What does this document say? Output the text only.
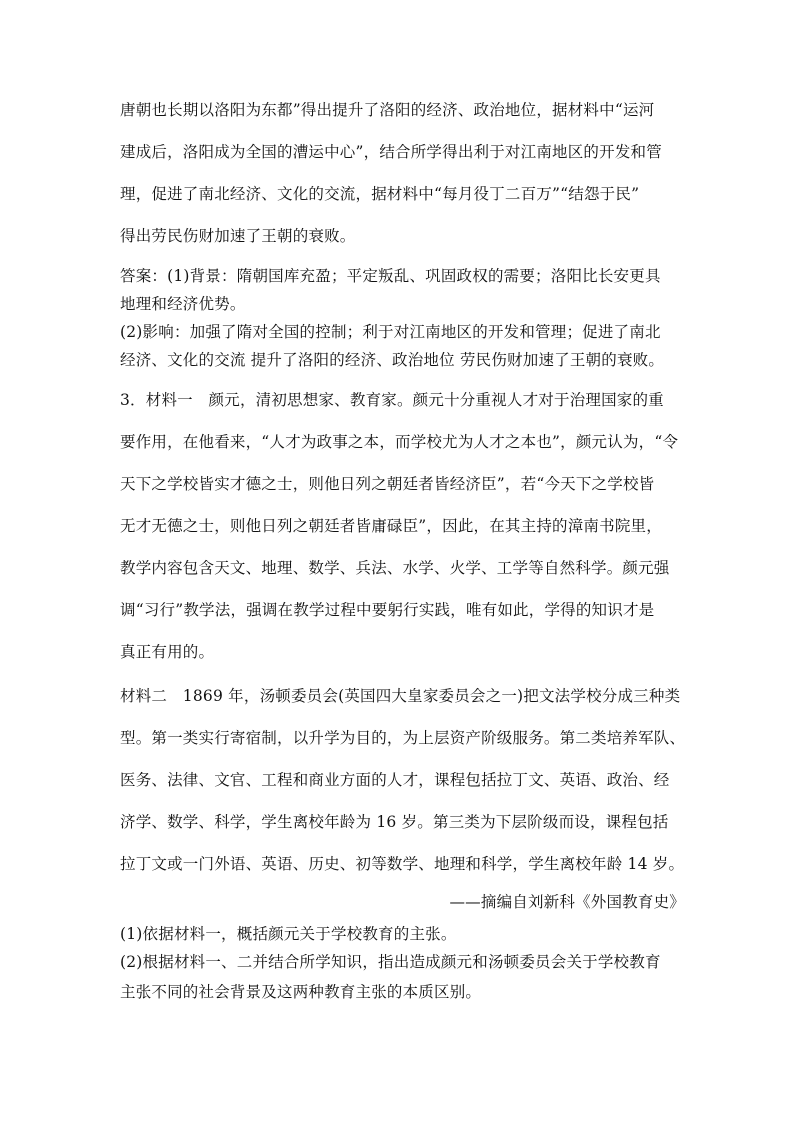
唐朝也长期以洛阳为东都”得出提升了洛阳的经济、政治地位，据材料中“运河
建成后，洛阳成为全国的漕运中心”，结合所学得出利于对江南地区的开发和管
理，促进了南北经济、文化的交流，据材料中“每月役丁二百万”“结怨于民”
得出劳民伤财加速了王朝的衰败。
答案：(1)背景：隋朝国库充盈；平定叛乱、巩固政权的需要；洛阳比长安更具
地理和经济优势。
(2)影响：加强了隋对全国的控制；利于对江南地区的开发和管理；促进了南北
经济、文化的交流 提升了洛阳的经济、政治地位 劳民伤财加速了王朝的衰败。
3．材料一　颜元，清初思想家、教育家。颜元十分重视人才对于治理国家的重
要作用，在他看来，“人才为政事之本，而学校尤为人才之本也”，颜元认为，“令
天下之学校皆实才德之士，则他日列之朝廷者皆经济臣”，若“今天下之学校皆
无才无德之士，则他日列之朝廷者皆庸碌臣”，因此，在其主持的漳南书院里，
教学内容包含天文、地理、数学、兵法、水学、火学、工学等自然科学。颜元强
调“习行”教学法，强调在教学过程中要躬行实践，唯有如此，学得的知识才是
真正有用的。
材料二　1869 年，汤顿委员会(英国四大皇家委员会之一)把文法学校分成三种类
型。第一类实行寄宿制，以升学为目的，为上层资产阶级服务。第二类培养军队、
医务、法律、文官、工程和商业方面的人才，课程包括拉丁文、英语、政治、经
济学、数学、科学，学生离校年龄为 16 岁。第三类为下层阶级而设，课程包括
拉丁文或一门外语、英语、历史、初等数学、地理和科学，学生离校年龄 14 岁。
——摘编自刘新科《外国教育史》
(1)依据材料一，概括颜元关于学校教育的主张。
(2)根据材料一、二并结合所学知识，指出造成颜元和汤顿委员会关于学校教育
主张不同的社会背景及这两种教育主张的本质区别。
